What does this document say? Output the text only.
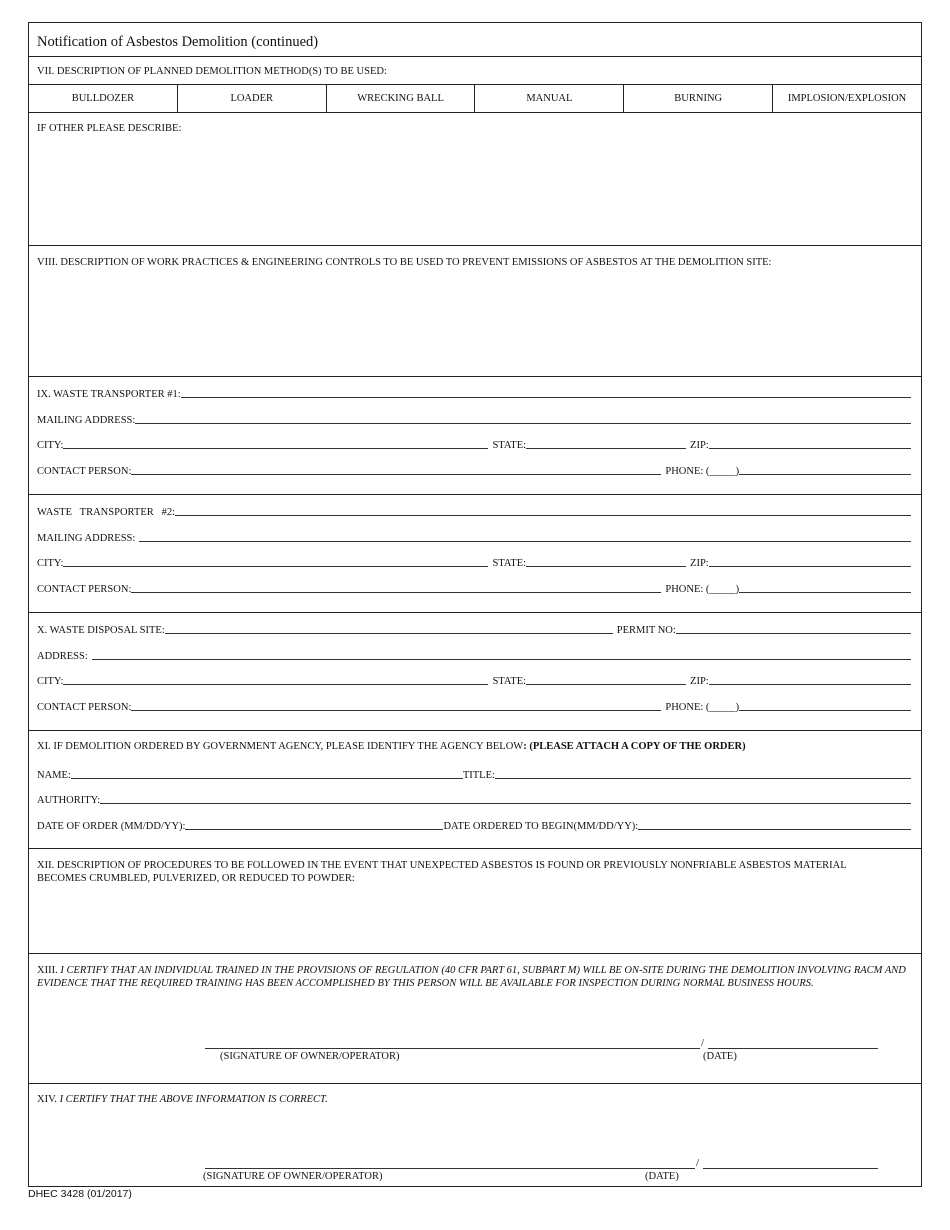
Notification of Asbestos Demolition (continued)
VII. DESCRIPTION OF PLANNED DEMOLITION METHOD(S) TO BE USED:
BULLDOZER	LOADER	WRECKING BALL	MANUAL	BURNING	IMPLOSION/EXPLOSION
IF OTHER PLEASE DESCRIBE:
VIII. DESCRIPTION OF WORK PRACTICES & ENGINEERING CONTROLS TO BE USED TO PREVENT EMISSIONS OF ASBESTOS AT THE DEMOLITION SITE:
IX. WASTE TRANSPORTER #1:
MAILING ADDRESS:
CITY:	STATE:	ZIP:
CONTACT PERSON:	PHONE: (_____)
WASTE   TRANSPORTER   #2:
MAILING ADDRESS:
CITY:	STATE:	ZIP:
CONTACT PERSON:	PHONE: (_____)
X. WASTE DISPOSAL SITE:	PERMIT NO:
ADDRESS:
CITY:	STATE:	ZIP:
CONTACT PERSON:	PHONE: (_____)
XI. IF DEMOLITION ORDERED BY GOVERNMENT AGENCY, PLEASE IDENTIFY THE AGENCY BELOW: (PLEASE ATTACH A COPY OF THE ORDER)
NAME:	TITLE:
AUTHORITY:
DATE OF ORDER (MM/DD/YY):	DATE ORDERED TO BEGIN(MM/DD/YY):
XII. DESCRIPTION OF PROCEDURES TO BE FOLLOWED IN THE EVENT THAT UNEXPECTED ASBESTOS IS FOUND OR PREVIOUSLY NONFRIABLE ASBESTOS MATERIAL BECOMES CRUMBLED, PULVERIZED, OR REDUCED TO POWDER:
XIII. I CERTIFY THAT AN INDIVIDUAL TRAINED IN THE PROVISIONS OF REGULATION (40 CFR PART 61, SUBPART M) WILL BE ON-SITE DURING THE DEMOLITION INVOLVING RACM AND EVIDENCE THAT THE REQUIRED TRAINING HAS BEEN ACCOMPLISHED BY THIS PERSON WILL BE AVAILABLE FOR INSPECTION DURING NORMAL BUSINESS HOURS.
/
(SIGNATURE OF OWNER/OPERATOR)	(DATE)
XIV. I CERTIFY THAT THE ABOVE INFORMATION IS CORRECT.
/
(SIGNATURE OF OWNER/OPERATOR)	(DATE)
DHEC 3428 (01/2017)
